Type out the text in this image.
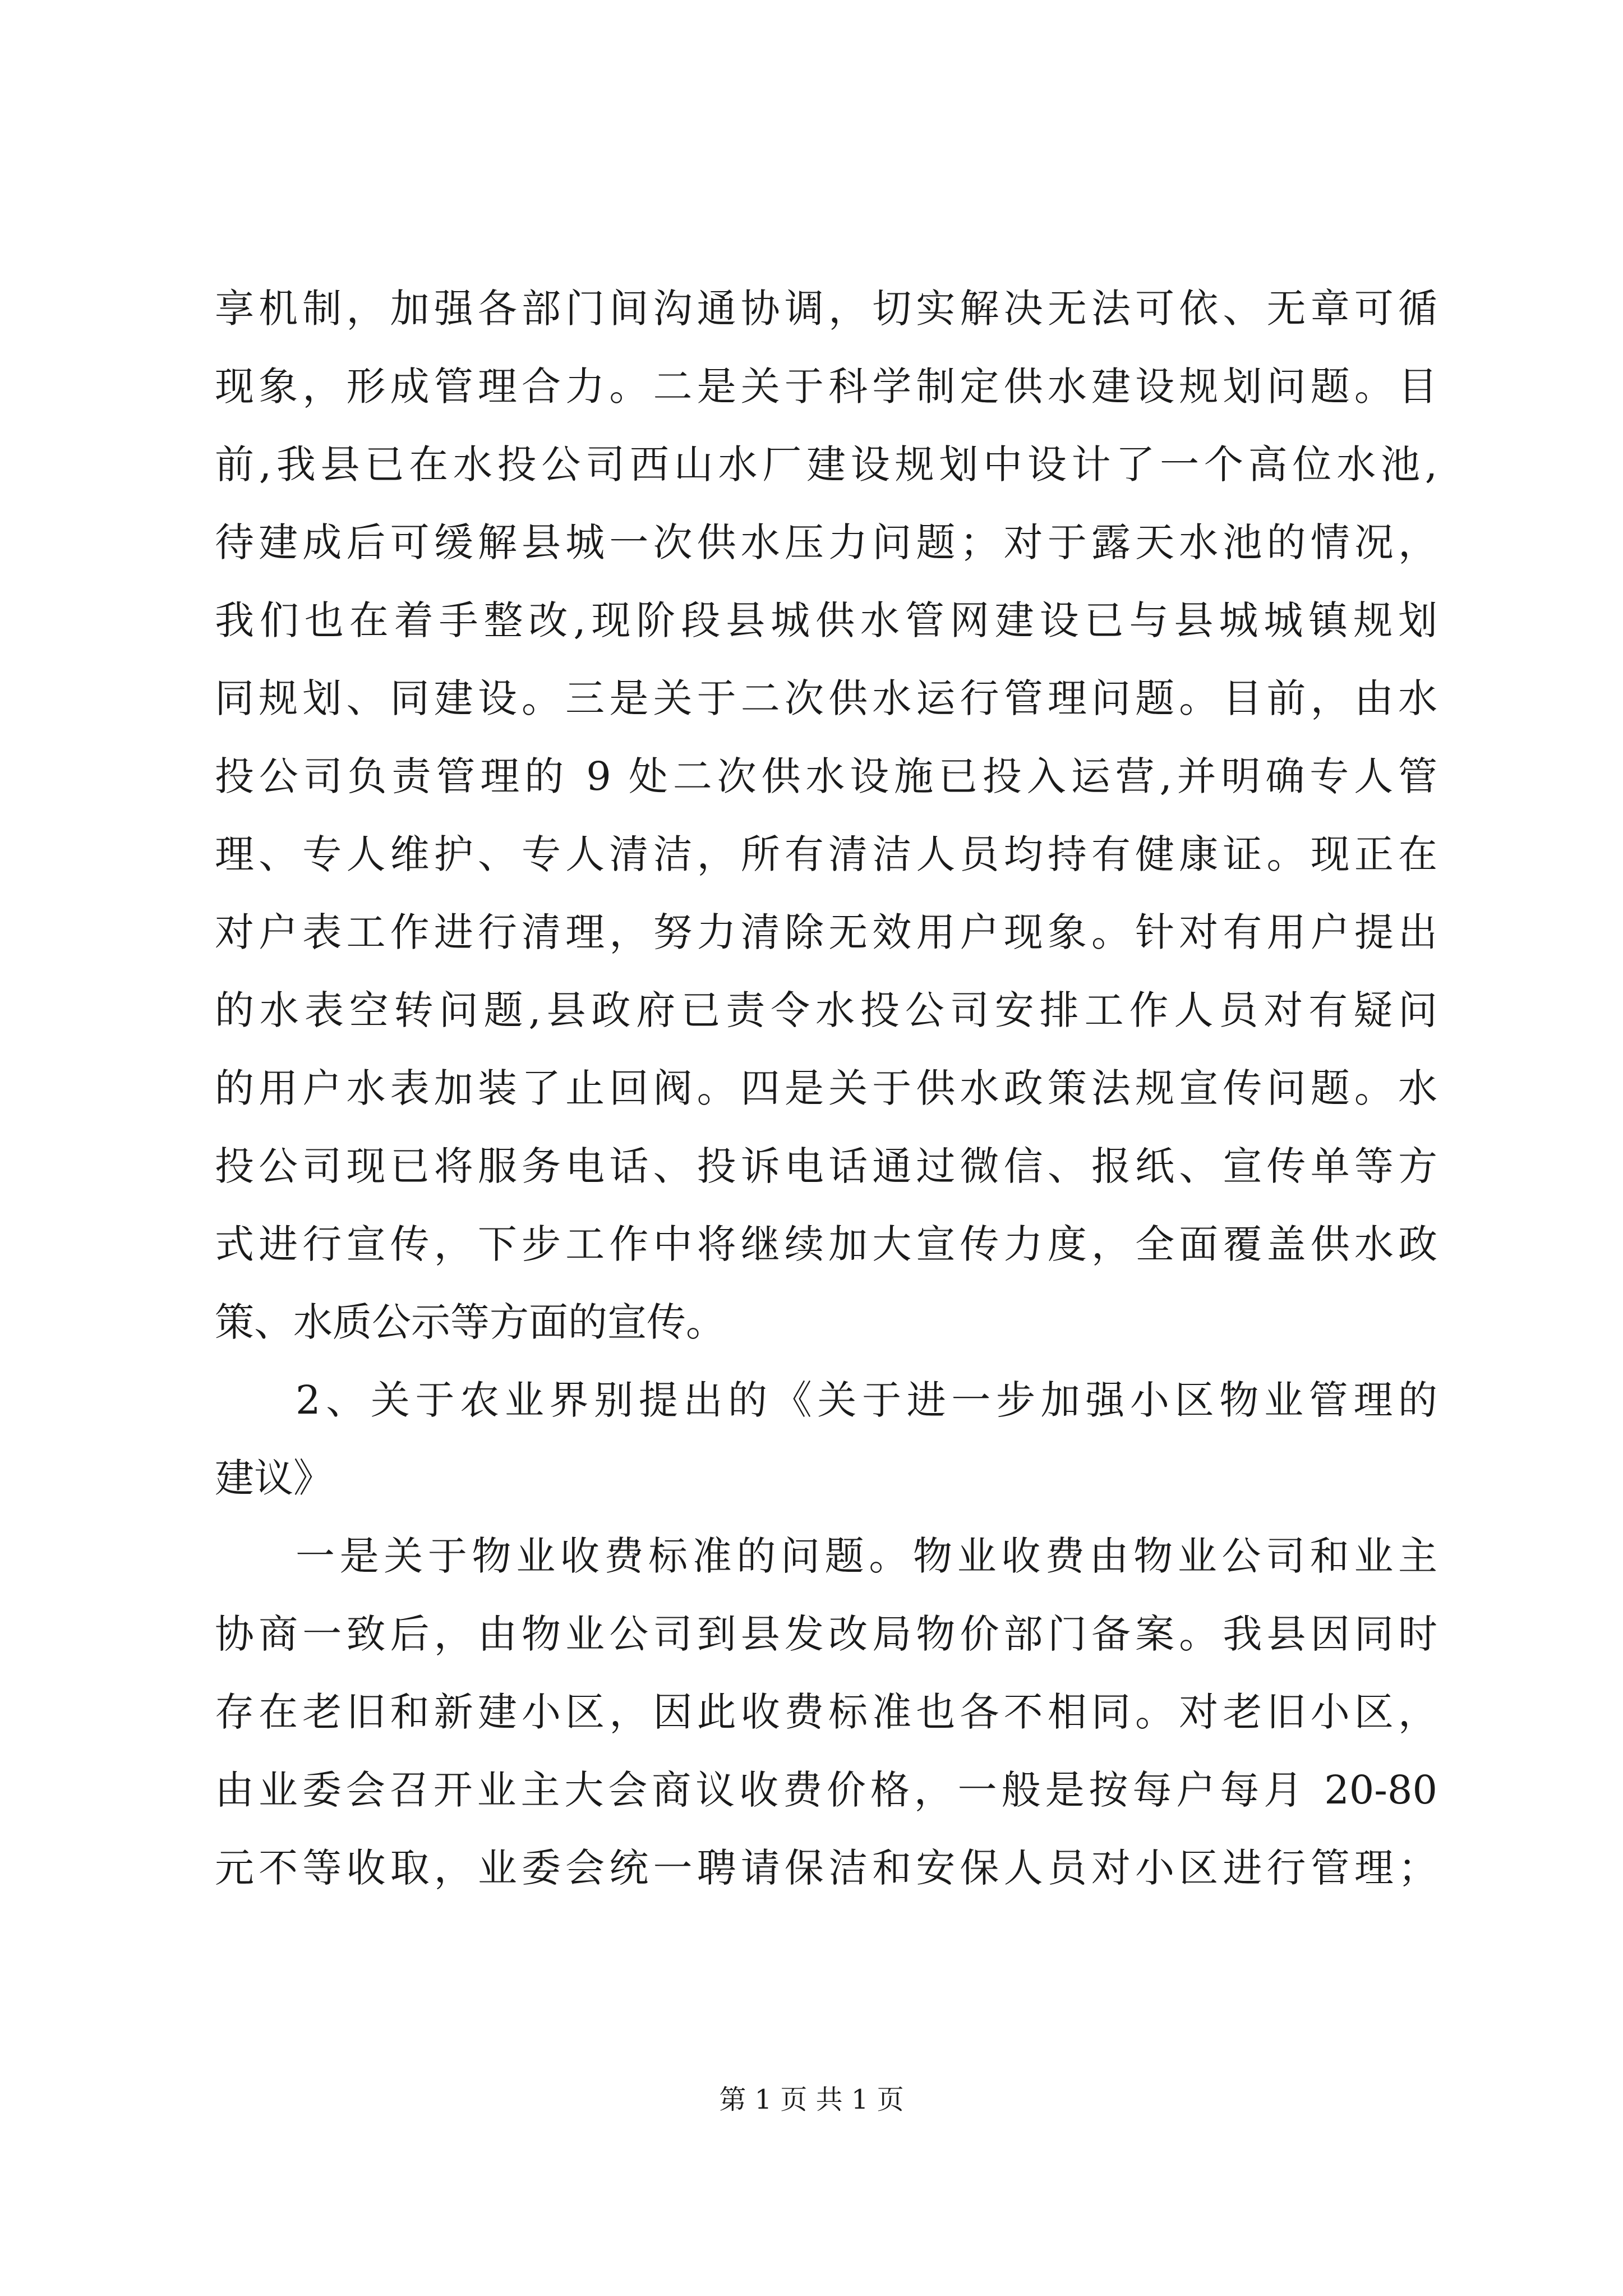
享机制，加强各部门间沟通协调，切实解决无法可依、无章可循
现象，形成管理合力。二是关于科学制定供水建设规划问题。目
前,我县已在水投公司西山水厂建设规划中设计了一个高位水池,
待建成后可缓解县城一次供水压力问题；对于露天水池的情况，
我们也在着手整改,现阶段县城供水管网建设已与县城城镇规划
同规划、同建设。三是关于二次供水运行管理问题。目前，由水
投公司负责管理的 9 处二次供水设施已投入运营,并明确专人管
理、专人维护、专人清洁，所有清洁人员均持有健康证。现正在
对户表工作进行清理，努力清除无效用户现象。针对有用户提出
的水表空转问题,县政府已责令水投公司安排工作人员对有疑问
的用户水表加装了止回阀。四是关于供水政策法规宣传问题。水
投公司现已将服务电话、投诉电话通过微信、报纸、宣传单等方
式进行宣传，下步工作中将继续加大宣传力度，全面覆盖供水政
策、水质公示等方面的宣传。
2、关于农业界别提出的《关于进一步加强小区物业管理的
建议》
一是关于物业收费标准的问题。物业收费由物业公司和业主
协商一致后，由物业公司到县发改局物价部门备案。我县因同时
存在老旧和新建小区，因此收费标准也各不相同。对老旧小区，
由业委会召开业主大会商议收费价格，一般是按每户每月 20-80
元不等收取，业委会统一聘请保洁和安保人员对小区进行管理；
第 1 页 共 1 页
